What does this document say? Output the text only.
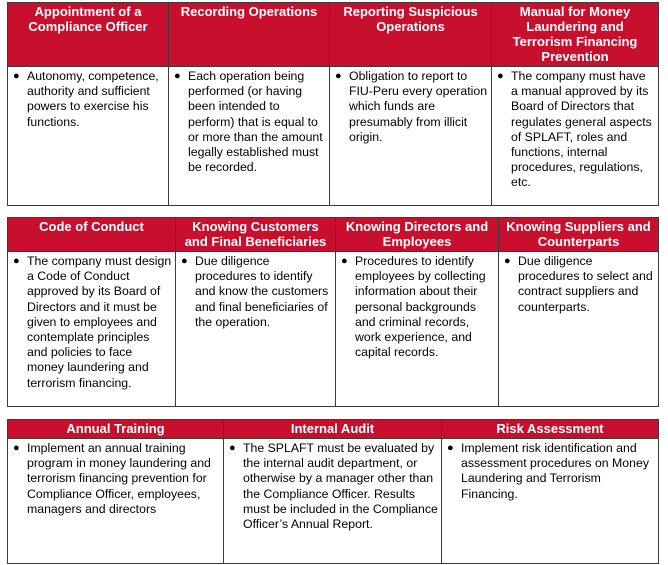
Appointment of a Compliance Officer	Recording Operations	Reporting Suspicious Operations	Manual for Money Laundering and Terrorism Financing Prevention

● Autonomy, competence, authority and sufficient powers to exercise his functions.	● Each operation being performed (or having been intended to perform) that is equal to or more than the amount legally established must be recorded.	● Obligation to report to FIU-Peru every operation which funds are presumably from illicit origin.	● The company must have a manual approved by its Board of Directors that regulates general aspects of SPLAFT, roles and functions, internal procedures, regulations, etc.
Code of Conduct	Knowing Customers and Final Beneficiaries	Knowing Directors and Employees	Knowing Suppliers and Counterparts

● The company must design a Code of Conduct approved by its Board of Directors and it must be given to employees and contemplate principles and policies to face money laundering and terrorism financing.	● Due diligence procedures to identify and know the customers and final beneficiaries of the operation.	● Procedures to identify employees by collecting information about their personal backgrounds and criminal records, work experience, and capital records.	● Due diligence procedures to select and contract suppliers and counterparts.
Annual Training	Internal Audit	Risk Assessment

● Implement an annual training program in money laundering and terrorism financing prevention for Compliance Officer, employees, managers and directors	● The SPLAFT must be evaluated by the internal audit department, or otherwise by a manager other than the Compliance Officer. Results must be included in the Compliance Officer’s Annual Report.	● Implement risk identification and assessment procedures on Money Laundering and Terrorism Financing.
